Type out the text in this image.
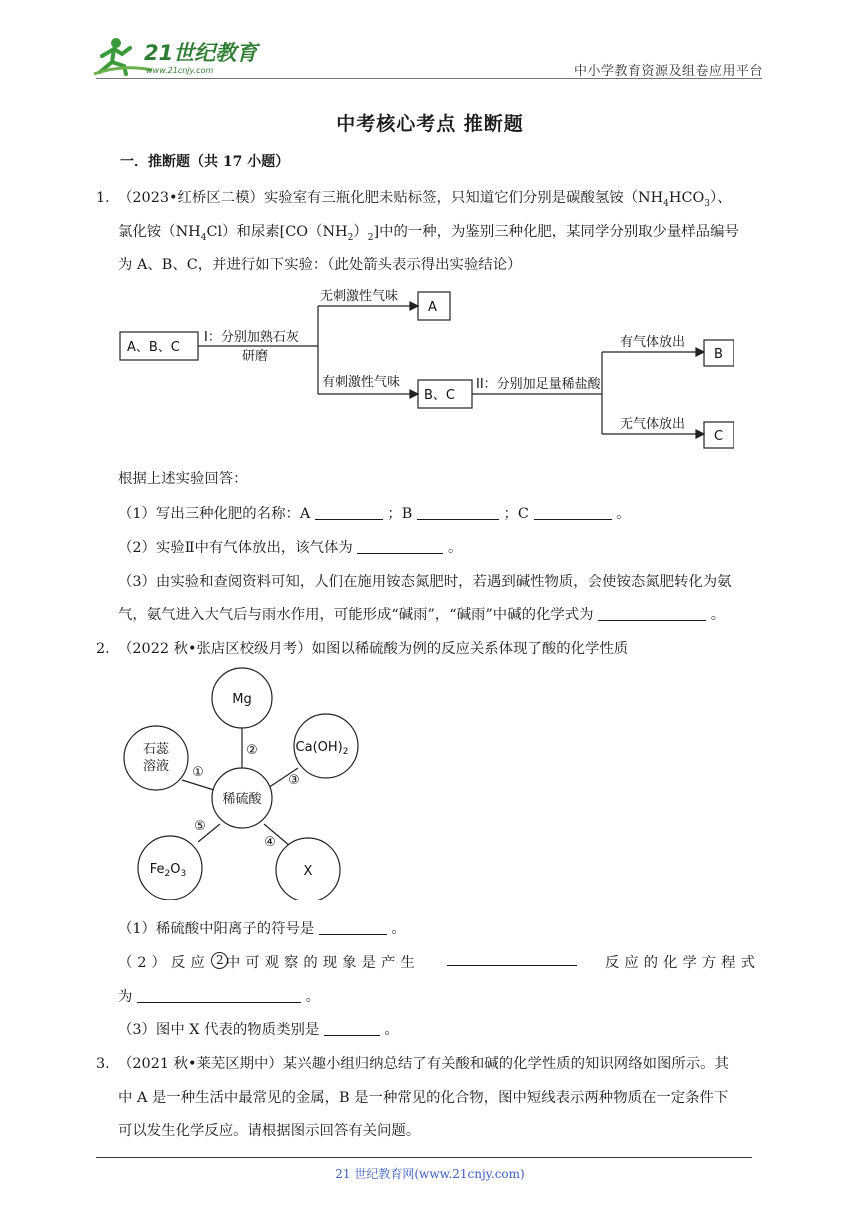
21世纪教育
www.21cnjy.com	中小学教育资源及组卷应用平台
中考核心考点 推断题
一．推断题（共 17 小题）
1．
（2023•红桥区二模）实验室有三瓶化肥未贴标签，只知道它们分别是碳酸氢铵$(NH_4HCO_3)$、
氯化铵$(NH_4Cl)$和尿素$[CO(NH_2)_2]$中的一种，为鉴别三种化肥，某同学分别取少量样品编号
为 A、B、C，并进行如下实验：（此处箭头表示得出实验结论）
A、B、C
I：分别加熟石灰
研磨
无刺激性气味
A
有刺激性气味
B、C
II：分别加足量稀盐酸
有气体放出
B
无气体放出
C
根据上述实验回答：
（1）写出三种化肥的名称：A	；B	；C	。
（2）实验Ⅱ中有气体放出，该气体为	。
（3）由实验和查阅资料可知，人们在施用铵态氮肥时，若遇到碱性物质，会使铵态氮肥转化为氨
气，氨气进入大气后与雨水作用，可能形成“碱雨”，“碱雨”中碱的化学式为	。
2．
（2022 秋•张店区校级月考）如图以稀硫酸为例的反应关系体现了酸的化学性质
Mg
石蕊
溶液
$Ca(OH)_2$
稀硫酸
$Fe_2O_3$	X
①
②
③
④
⑤
（1）稀硫酸中阳离子的符号是	。
（2）反应 2 中可观察的现象是产生	反应的化学方程式
为	。
（3）图中 X 代表的物质类别是	。
3．
（2021 秋•莱芜区期中）某兴趣小组归纳总结了有关酸和碱的化学性质的知识网络如图所示。其
中 A 是一种生活中最常见的金属，B 是一种常见的化合物，图中短线表示两种物质在一定条件下
可以发生化学反应。请根据图示回答有关问题。
21 世纪教育网(www.21cnjy.com)
